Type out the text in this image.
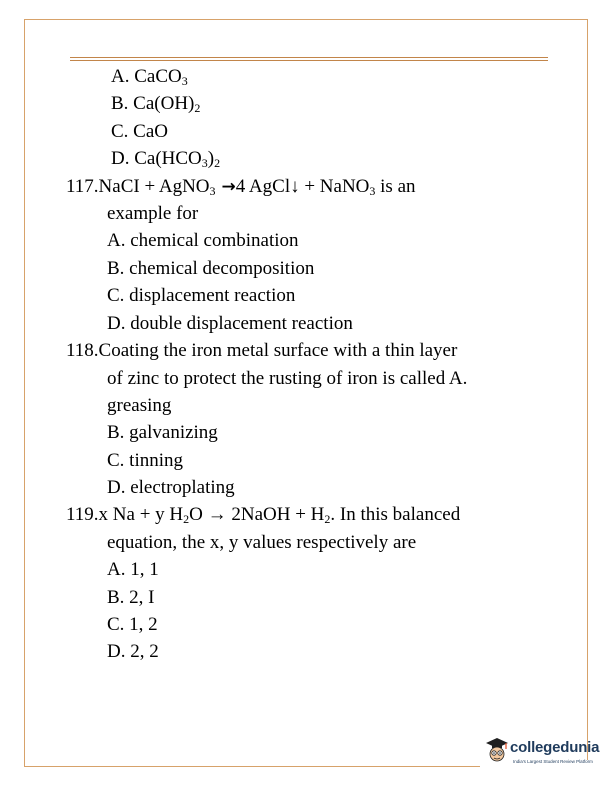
A. CaCO$_3$
B. $Ca(OH)_2$
C. CaO
D. $Ca(HCO_3)_2$
117.NaCI + AgNO$_3$ →4 AgCl↓ + NaNO$_3$ is an
example for
A. chemical combination
B. chemical decomposition
C. displacement reaction
D. double displacement reaction
118.Coating the iron metal surface with a thin layer
of zinc to protect the rusting of iron is called A.
greasing
B. galvanizing
C. tinning
D. electroplating
119.x Na + y $H_2O$ → 2NaOH + $H_2$. In this balanced
equation, the x, y values respectively are
A. 1, 1
B. 2, I
C. 1, 2
D. 2, 2
collegedunia
India's Largest Student Review Platform
